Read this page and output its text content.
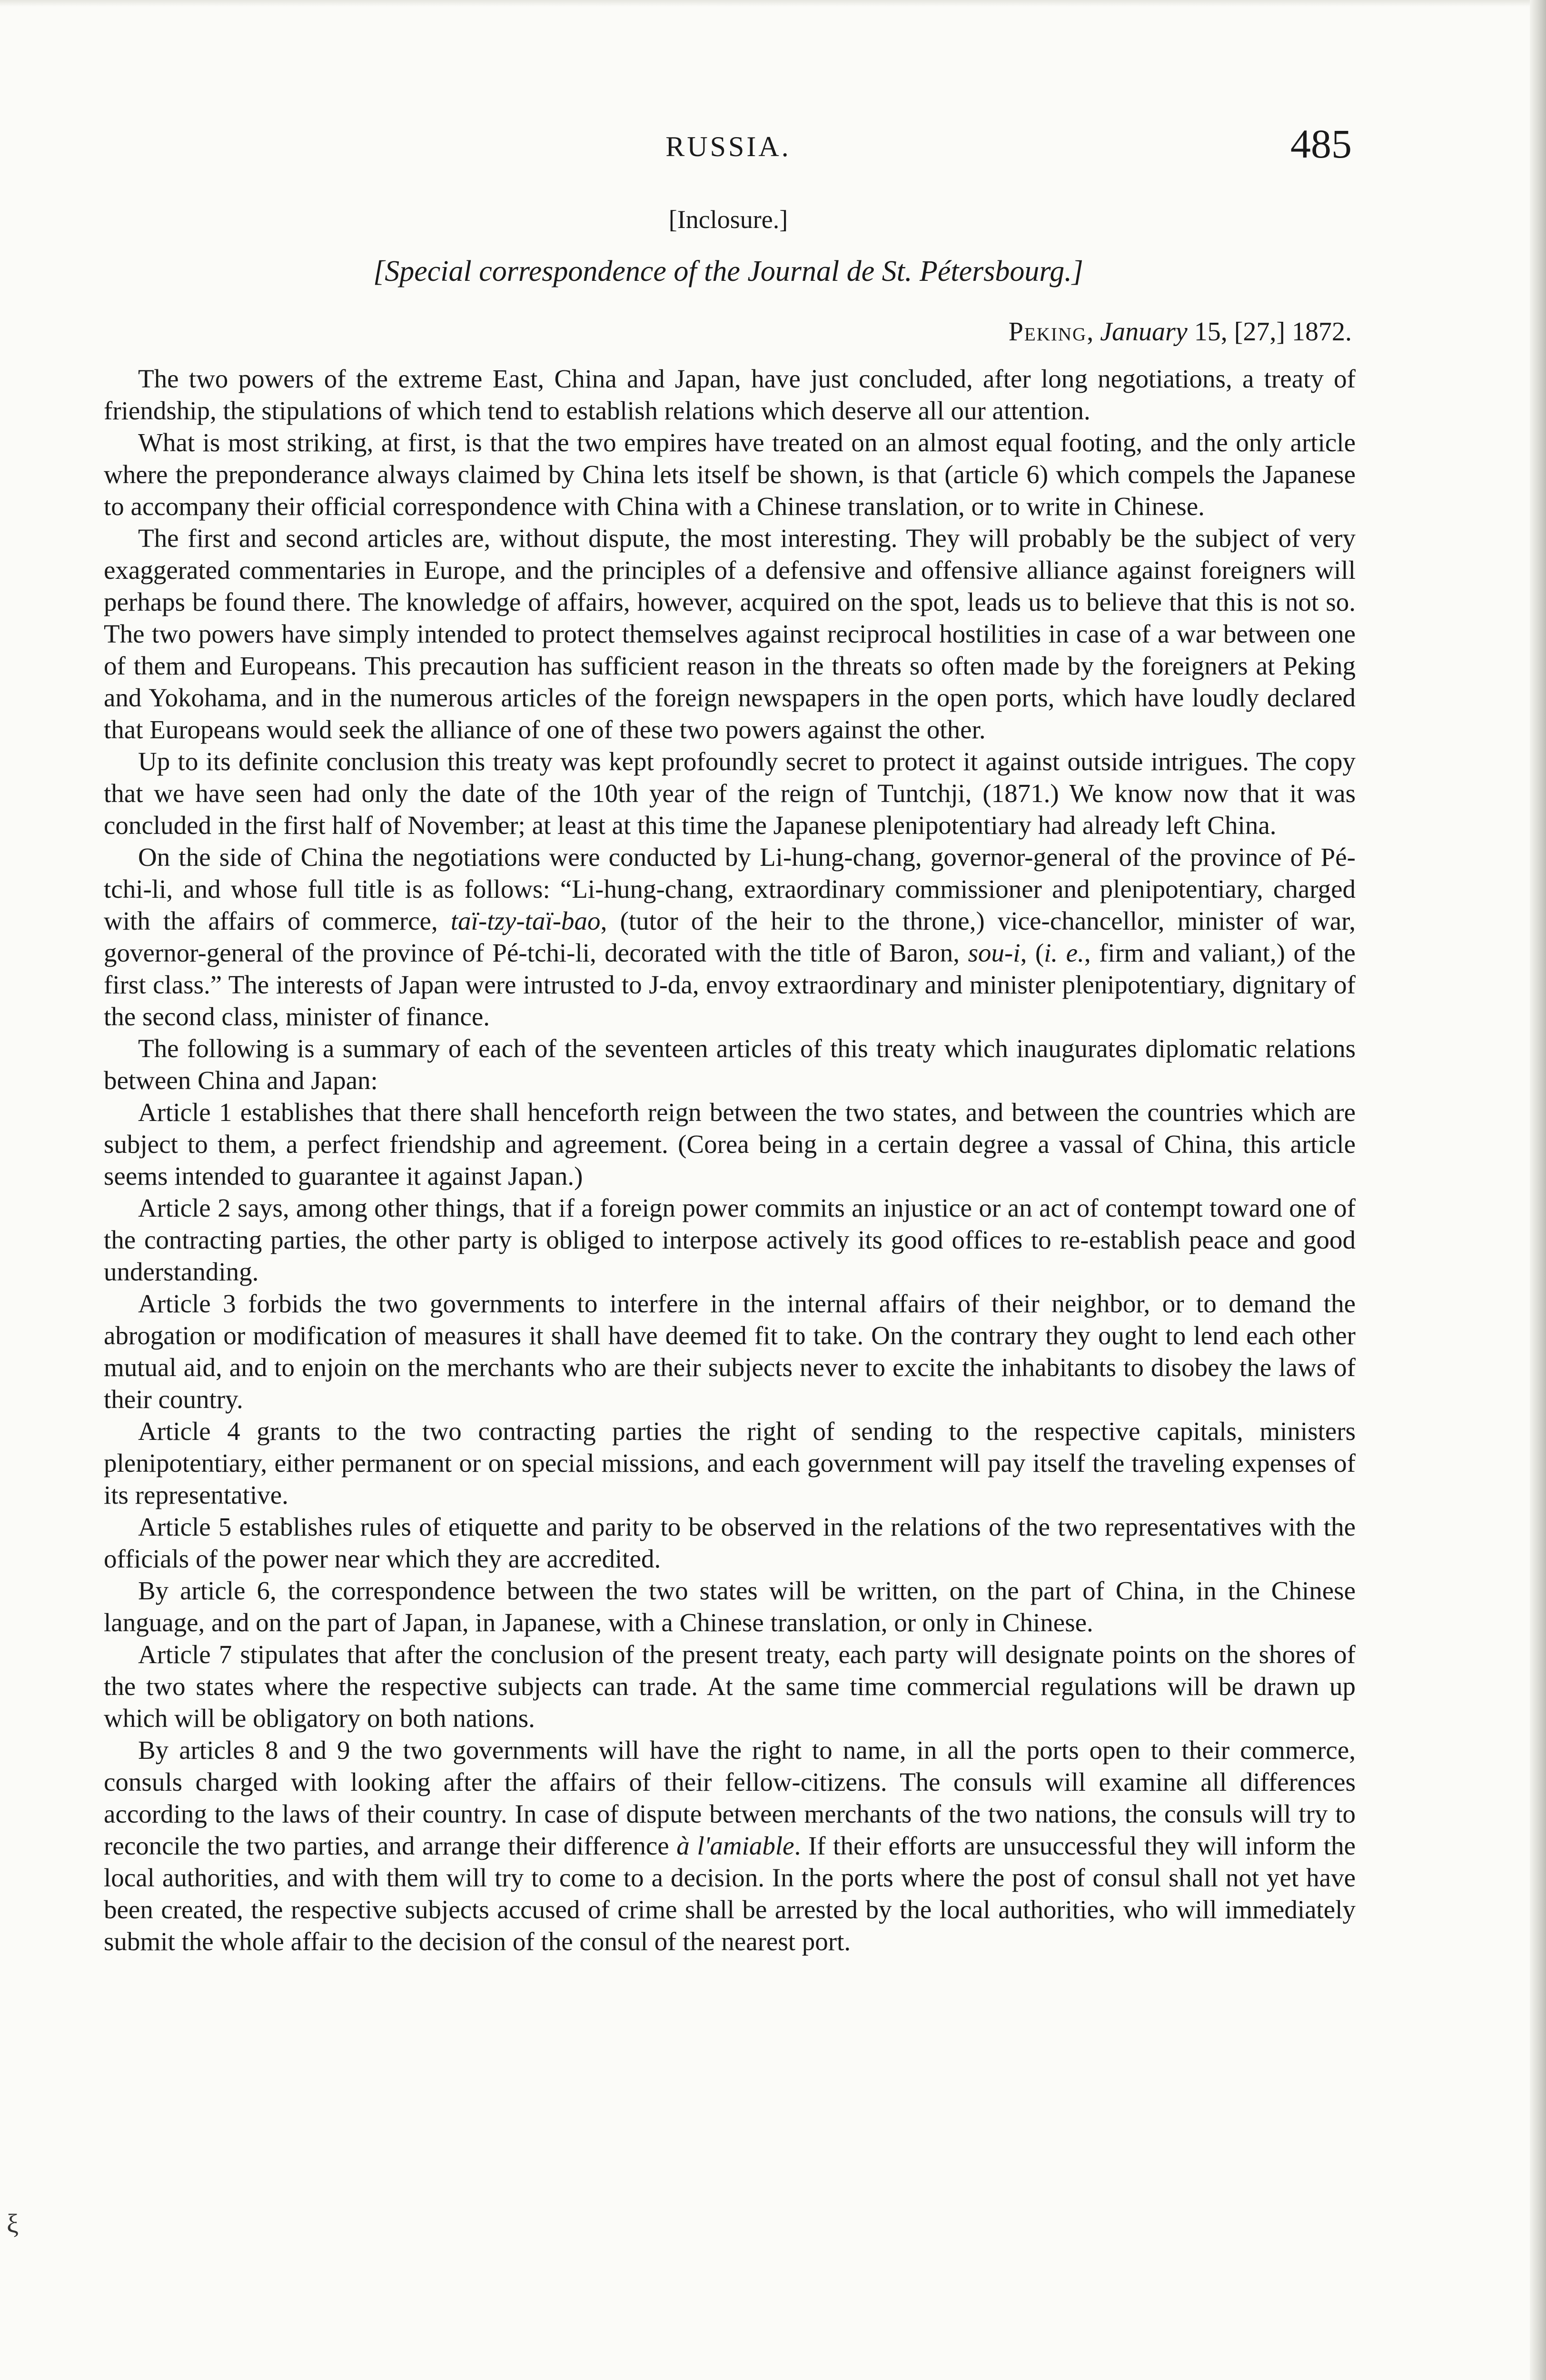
RUSSIA.	485
[Inclosure.]
[Special correspondence of the Journal de St. Pétersbourg.]
Peking, January 15, [27,] 1872.

The two powers of the extreme East, China and Japan, have just concluded, after long negotiations, a treaty of friendship, the stipulations of which tend to establish relations which deserve all our attention.

What is most striking, at first, is that the two empires have treated on an almost equal footing, and the only article where the preponderance always claimed by China lets itself be shown, is that (article 6) which compels the Japanese to accompany their official correspondence with China with a Chinese translation, or to write in Chinese.

The first and second articles are, without dispute, the most interesting. They will probably be the subject of very exaggerated commentaries in Europe, and the principles of a defensive and offensive alliance against foreigners will perhaps be found there. The knowledge of affairs, however, acquired on the spot, leads us to believe that this is not so. The two powers have simply intended to protect themselves against reciprocal hostilities in case of a war between one of them and Europeans. This precaution has sufficient reason in the threats so often made by the foreigners at Peking and Yokohama, and in the numerous articles of the foreign newspapers in the open ports, which have loudly declared that Europeans would seek the alliance of one of these two powers against the other.

Up to its definite conclusion this treaty was kept profoundly secret to protect it against outside intrigues. The copy that we have seen had only the date of the 10th year of the reign of Tuntchji, (1871.) We know now that it was concluded in the first half of November; at least at this time the Japanese plenipotentiary had already left China.

On the side of China the negotiations were conducted by Li-hung-chang, governor-general of the province of Pé-tchi-li, and whose full title is as follows: “Li-hung-chang, extraordinary commissioner and plenipotentiary, charged with the affairs of commerce, taï-tzy-taï-bao, (tutor of the heir to the throne,) vice-chancellor, minister of war, governor-general of the province of Pé-tchi-li, decorated with the title of Baron, sou-i, (i. e., firm and valiant,) of the first class.” The interests of Japan were intrusted to J-da, envoy extraordinary and minister plenipotentiary, dignitary of the second class, minister of finance.

The following is a summary of each of the seventeen articles of this treaty which inaugurates diplomatic relations between China and Japan:

Article 1 establishes that there shall henceforth reign between the two states, and between the countries which are subject to them, a perfect friendship and agreement. (Corea being in a certain degree a vassal of China, this article seems intended to guarantee it against Japan.)

Article 2 says, among other things, that if a foreign power commits an injustice or an act of contempt toward one of the contracting parties, the other party is obliged to interpose actively its good offices to re-establish peace and good understanding.

Article 3 forbids the two governments to interfere in the internal affairs of their neighbor, or to demand the abrogation or modification of measures it shall have deemed fit to take. On the contrary they ought to lend each other mutual aid, and to enjoin on the merchants who are their subjects never to excite the inhabitants to disobey the laws of their country.

Article 4 grants to the two contracting parties the right of sending to the respective capitals, ministers plenipotentiary, either permanent or on special missions, and each government will pay itself the traveling expenses of its representative.

Article 5 establishes rules of etiquette and parity to be observed in the relations of the two representatives with the officials of the power near which they are accredited.

By article 6, the correspondence between the two states will be written, on the part of China, in the Chinese language, and on the part of Japan, in Japanese, with a Chinese translation, or only in Chinese.

Article 7 stipulates that after the conclusion of the present treaty, each party will designate points on the shores of the two states where the respective subjects can trade. At the same time commercial regulations will be drawn up which will be obligatory on both nations.

By articles 8 and 9 the two governments will have the right to name, in all the ports open to their commerce, consuls charged with looking after the affairs of their fellow-citizens. The consuls will examine all differences according to the laws of their country. In case of dispute between merchants of the two nations, the consuls will try to reconcile the two parties, and arrange their difference à l'amiable. If their efforts are unsuccessful they will inform the local authorities, and with them will try to come to a decision. In the ports where the post of consul shall not yet have been created, the respective subjects accused of crime shall be arrested by the local authorities, who will immediately submit the whole affair to the decision of the consul of the nearest port.

ξ
